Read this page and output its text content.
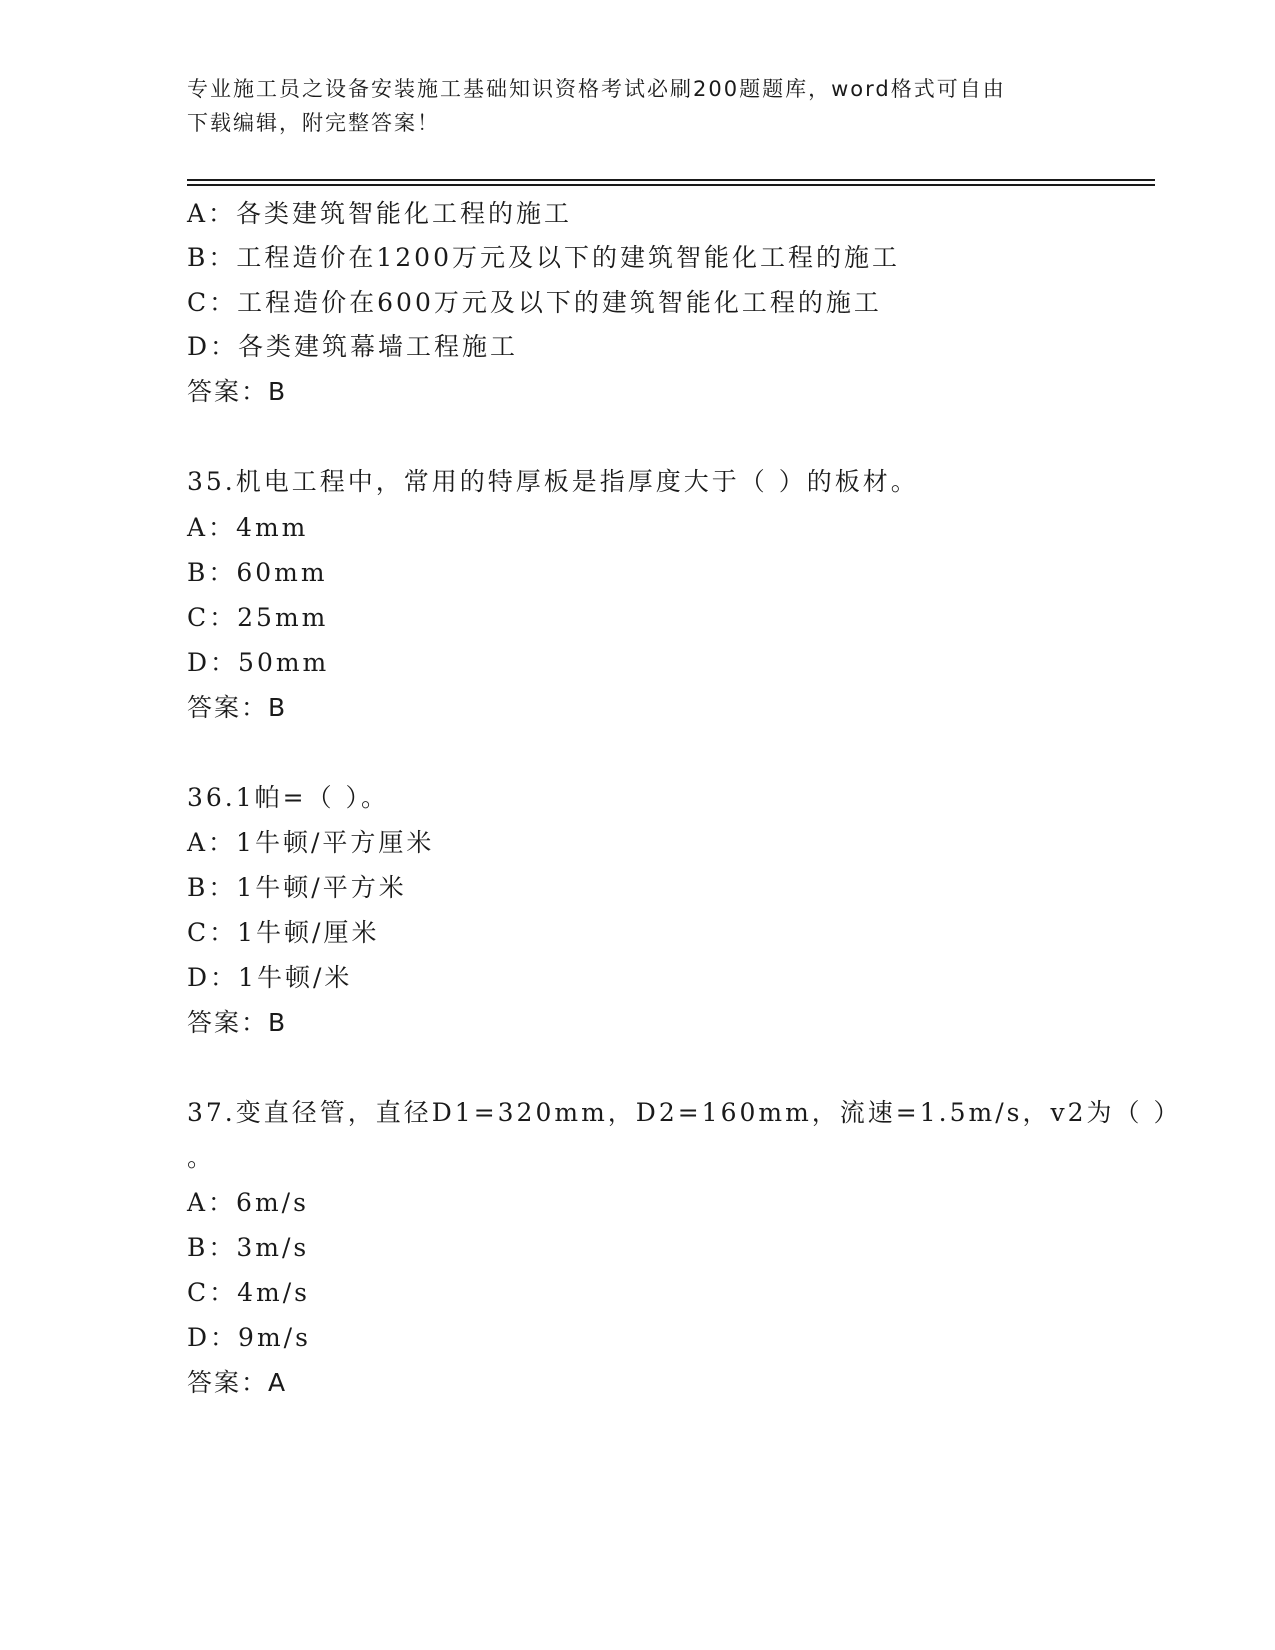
专业施工员之设备安装施工基础知识资格考试必刷200题题库，word格式可自由
下载编辑，附完整答案！
A：各类建筑智能化工程的施工
B：工程造价在1200万元及以下的建筑智能化工程的施工
C：工程造价在600万元及以下的建筑智能化工程的施工
D：各类建筑幕墙工程施工
答案：B
35.机电工程中，常用的特厚板是指厚度大于（ ）的板材。
A：4mm
B：60mm
C：25mm
D：50mm
答案：B
36.1帕=（ ）。
A：1牛顿/平方厘米
B：1牛顿/平方米
C：1牛顿/厘米
D：1牛顿/米
答案：B
37.变直径管，直径D1=320mm，D2=160mm，流速=1.5m/s，v2为（ ）
。
A：6m/s
B：3m/s
C：4m/s
D：9m/s
答案：A
